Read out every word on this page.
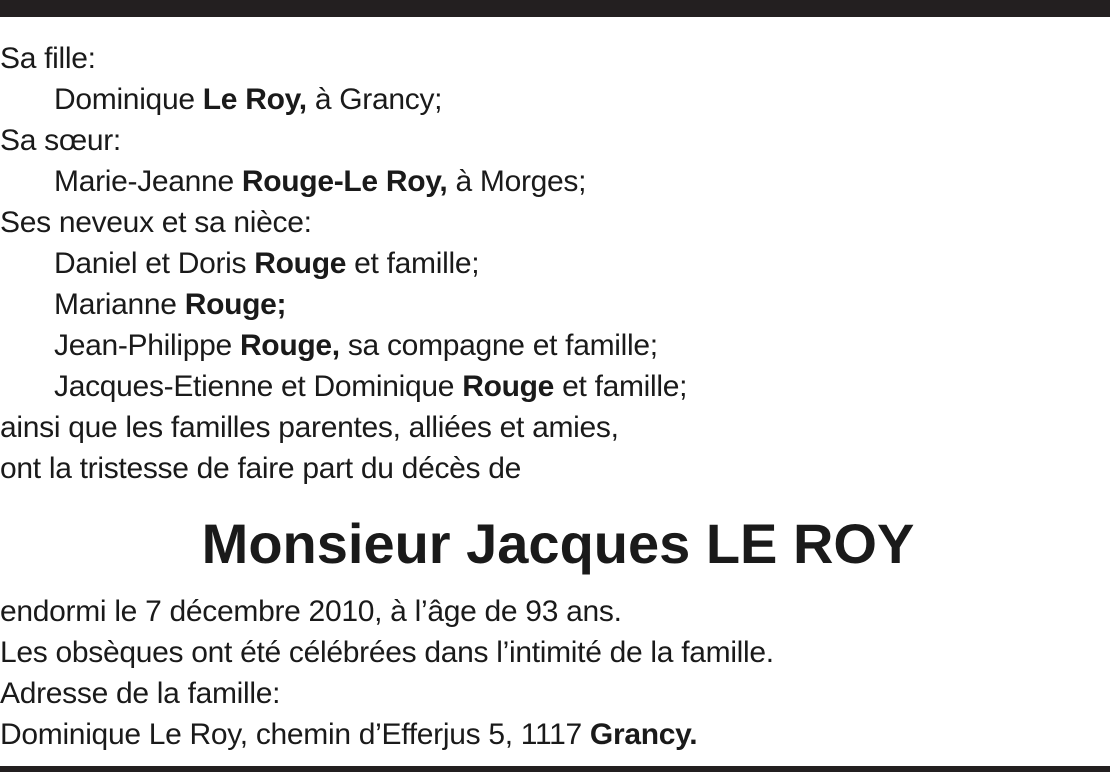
Sa fille:
Dominique Le Roy, à Grancy;
Sa sœur:
Marie-Jeanne Rouge-Le Roy, à Morges;
Ses neveux et sa nièce:
Daniel et Doris Rouge et famille;
Marianne Rouge;
Jean-Philippe Rouge, sa compagne et famille;
Jacques-Etienne et Dominique Rouge et famille;
ainsi que les familles parentes, alliées et amies,
ont la tristesse de faire part du décès de
Monsieur Jacques LE ROY
endormi le 7 décembre 2010, à l’âge de 93 ans.
Les obsèques ont été célébrées dans l’intimité de la famille.
Adresse de la famille:
Dominique Le Roy, chemin d’Efferjus 5, 1117 Grancy.
